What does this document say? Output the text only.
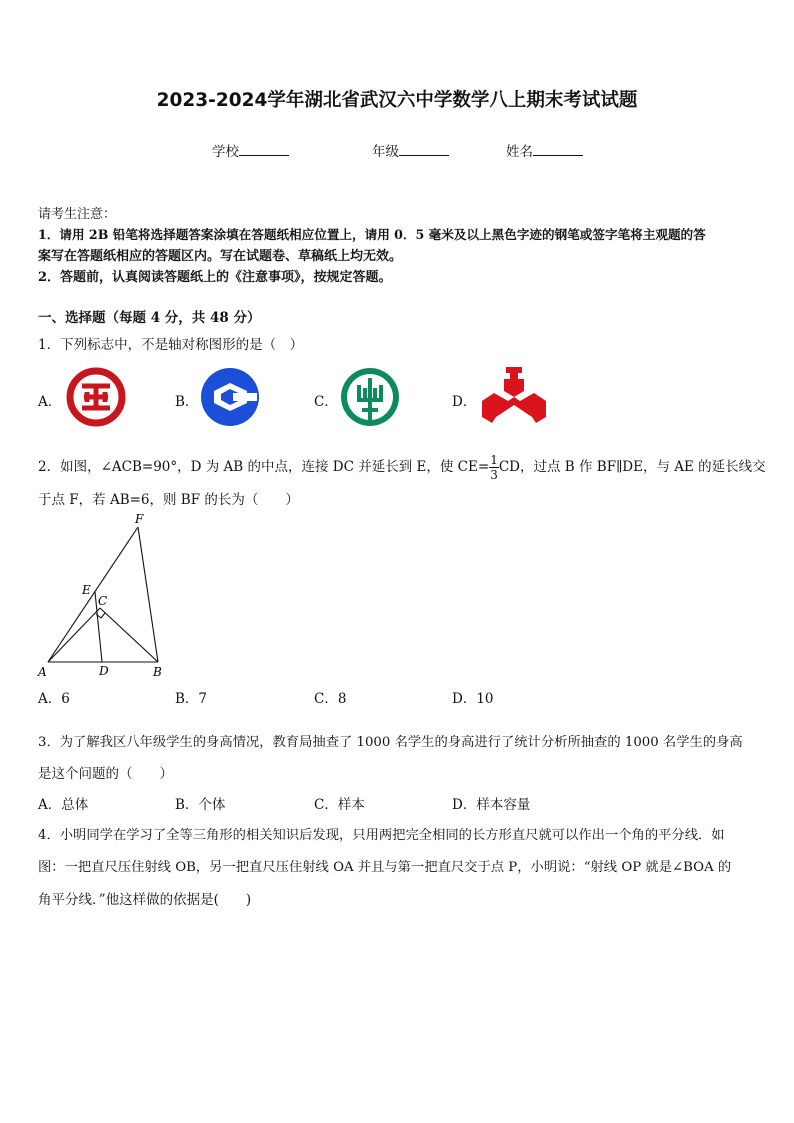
2023-2024学年湖北省武汉六中学数学八上期末考试试题
学校	年级	姓名
请考生注意：
1．请用 2B 铅笔将选择题答案涂填在答题纸相应位置上，请用 0．5 毫米及以上黑色字迹的钢笔或签字笔将主观题的答
案写在答题纸相应的答题区内。写在试题卷、草稿纸上均无效。
2．答题前，认真阅读答题纸上的《注意事项》，按规定答题。
一、选择题（每题 4 分，共 48 分）
1．下列标志中，不是轴对称图形的是（　）
A．	B．	C．	D．
2．如图，∠ACB=90°，D 为 AB 的中点，连接 DC 并延长到 E，使 $CE= \frac{1}{3}$ CD，过点 B 作 BF∥DE，与 AE 的延长线交
于点 F，若 AB=6，则 BF 的长为（　　）
F
E
C
A	D	B
A．6	B．7	C．8	D．10
3．为了解我区八年级学生的身高情况，教育局抽查了 1000 名学生的身高进行了统计分析所抽查的 1000 名学生的身高
是这个问题的（　　）
A．总体	B．个体	C．样本	D．样本容量
4．小明同学在学习了全等三角形的相关知识后发现，只用两把完全相同的长方形直尺就可以作出一个角的平分线．如
图：一把直尺压住射线 OB，另一把直尺压住射线 OA 并且与第一把直尺交于点 P，小明说：“射线 OP 就是∠BOA 的
角平分线．”他这样做的依据是(　　)
